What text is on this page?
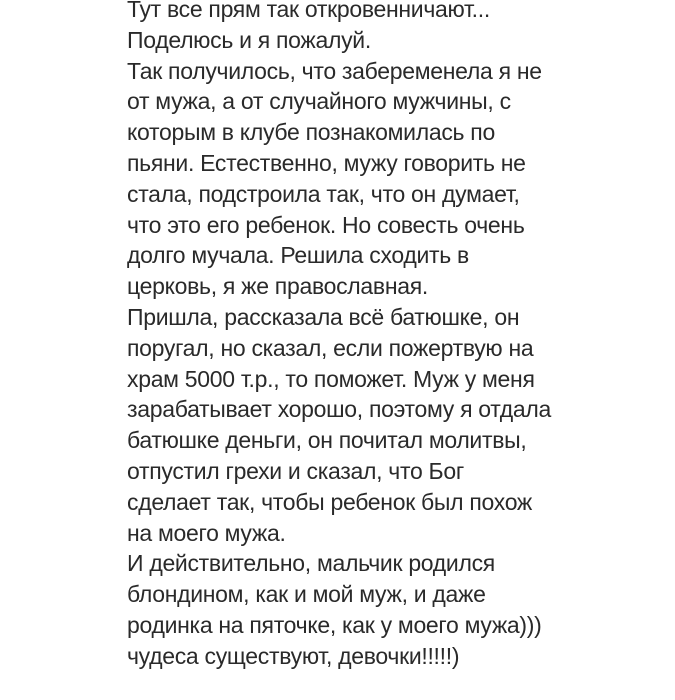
Тут все прям так откровенничают...
Поделюсь и я пожалуй.
Так получилось, что забеременела я не
от мужа, а от случайного мужчины, с
которым в клубе познакомилась по
пьяни. Естественно, мужу говорить не
стала, подстроила так, что он думает,
что это его ребенок. Но совесть очень
долго мучала. Решила сходить в
церковь, я же православная.
Пришла, рассказала всё батюшке, он
поругал, но сказал, если пожертвую на
храм 5000 т.р., то поможет. Муж у меня
зарабатывает хорошо, поэтому я отдала
батюшке деньги, он почитал молитвы,
отпустил грехи и сказал, что Бог
сделает так, чтобы ребенок был похож
на моего мужа.
И действительно, мальчик родился
блондином, как и мой муж, и даже
родинка на пяточке, как у моего мужа)))
чудеса существуют, девочки!!!!!)
